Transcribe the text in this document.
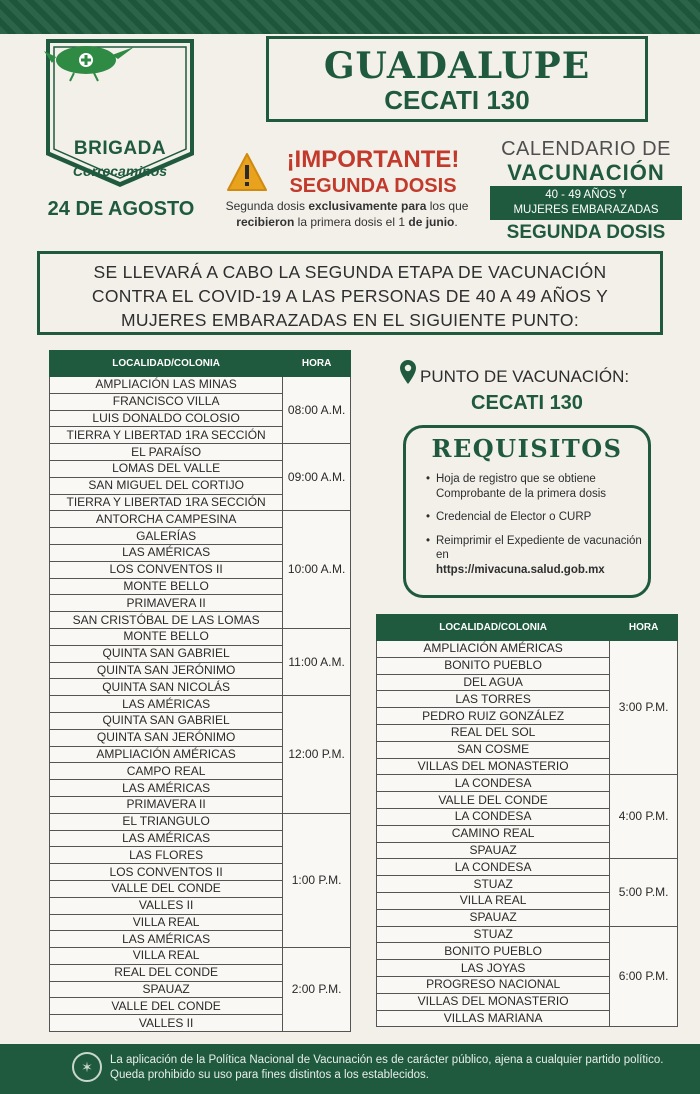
BRIGADA
Correcaminos
24 DE AGOSTO
GUADALUPE
CECATI 130
¡IMPORTANTE!
SEGUNDA DOSIS
Segunda dosis exclusivamente para los que recibieron la primera dosis el 1 de junio.
CALENDARIO DE
VACUNACIÓN
40 - 49 AÑOS Y
MUJERES EMBARAZADAS
SEGUNDA DOSIS
SE LLEVARÁ A CABO LA SEGUNDA ETAPA DE VACUNACIÓN CONTRA EL COVID-19 A LAS PERSONAS DE 40 A 49 AÑOS Y MUJERES EMBARAZADAS EN EL SIGUIENTE PUNTO:
LOCALIDAD/COLONIA	HORA
AMPLIACIÓN LAS MINAS	08:00 A.M.
FRANCISCO VILLA	
LUIS DONALDO COLOSIO	
TIERRA Y LIBERTAD 1RA SECCIÓN	
EL PARAÍSO	09:00 A.M.
LOMAS DEL VALLE	
SAN MIGUEL DEL CORTIJO	
TIERRA Y LIBERTAD 1RA SECCIÓN	
ANTORCHA CAMPESINA	10:00 A.M.
GALERÍAS	
LAS AMÉRICAS	
LOS CONVENTOS II	
MONTE BELLO	
PRIMAVERA II	
SAN CRISTÓBAL DE LAS LOMAS	
MONTE BELLO	11:00 A.M.
QUINTA SAN GABRIEL	
QUINTA SAN JERÓNIMO	
QUINTA SAN NICOLÁS	
LAS AMÉRICAS	12:00 P.M.
QUINTA SAN GABRIEL	
QUINTA SAN JERÓNIMO	
AMPLIACIÓN AMÉRICAS	
CAMPO REAL	
LAS AMÉRICAS	
PRIMAVERA II	
EL TRIANGULO	1:00 P.M.
LAS AMÉRICAS	
LAS FLORES	
LOS CONVENTOS II	
VALLE DEL CONDE	
VALLES II	
VILLA REAL	
LAS AMÉRICAS	
VILLA REAL	2:00 P.M.
REAL DEL CONDE	
SPAUAZ	
VALLE DEL CONDE	
VALLES II	
PUNTO DE VACUNACIÓN:
CECATI 130
REQUISITOS
• Hoja de registro que se obtiene Comprobante de la primera dosis
• Credencial de Elector o CURP
• Reimprimir el Expediente de vacunación en
https://mivacuna.salud.gob.mx
LOCALIDAD/COLONIA	HORA
AMPLIACIÓN AMÉRICAS	3:00 P.M.
BONITO PUEBLO	
DEL AGUA	
LAS TORRES	
PEDRO RUIZ GONZÁLEZ	
REAL DEL SOL	
SAN COSME	
VILLAS DEL MONASTERIO	
LA CONDESA	4:00 P.M.
VALLE DEL CONDE	
LA CONDESA	
CAMINO REAL	
SPAUAZ	
LA CONDESA	5:00 P.M.
STUAZ	
VILLA REAL	
SPAUAZ	
STUAZ	6:00 P.M.
BONITO PUEBLO	
LAS JOYAS	
PROGRESO NACIONAL	
VILLAS DEL MONASTERIO	
VILLAS MARIANA	
✶	La aplicación de la Política Nacional de Vacunación es de carácter público, ajena a cualquier partido político. Queda prohibido su uso para fines distintos a los establecidos.
